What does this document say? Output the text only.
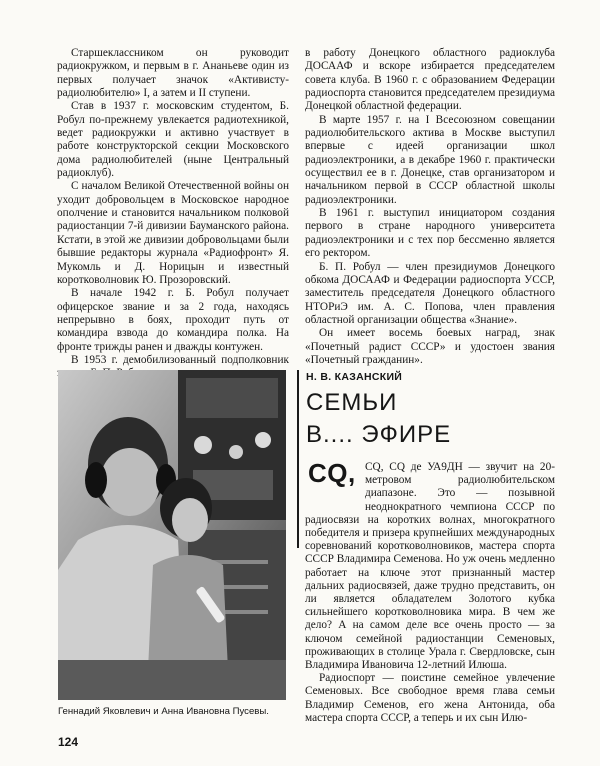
Старшеклассником он руководит радиокружком, и первым в г. Ананьеве один из первых получает значок «Активисту-радиолюбителю» I, а затем и II ступени.

Став в 1937 г. московским студентом, Б. Робул по-прежнему увлекается радиотехникой, ведет радиокружки и активно участвует в работе конструкторской секции Московского дома радиолюбителей (ныне Центральный радиоклуб).

С началом Великой Отечественной войны он уходит добровольцем в Московское народное ополчение и становится начальником полковой радиостанции 7-й дивизии Бауманского района. Кстати, в этой же дивизии добровольцами были бывшие редакторы журнала «Радиофронт» Я. Мукомль и Д. Норицын и известный коротковолновик Ю. Прозоровский.

В начале 1942 г. Б. Робул получает офицерское звание и за 2 года, находясь непрерывно в боях, проходит путь от командира взвода до командира полка. На фронте трижды ранен и дважды контужен.

В 1953 г. демобилизованный подполковник

в работу Донецкого областного радиоклуба ДОСААФ и вскоре избирается председателем совета клуба. В 1960 г. с образованием Федерации радиоспорта становится председателем президиума Донецкой областной федерации.

В марте 1957 г. на I Всесоюзном совещании радиолюбительского актива в Москве выступил впервые с идеей организации школ радиоэлектроники, а в декабре 1960 г. практически осуществил ее в г. Донецке, став организатором и начальником первой в СССР областной школы радиоэлектроники.

В 1961 г. выступил инициатором создания первого в стране народного университета радиоэлектроники и с тех пор бессменно является его ректором.

Б. П. Робул — член президиумов Донецкого обкома ДОСААФ и Федерации радиоспорта УССР, заместитель председателя Донецкого областного НТОРиЭ им. А. С. Попова, член правления областной организации общества «Знание».

Он имеет восемь боевых наград, знак «Почетный радист СССР» и удостоен звания «Почетный гражданин».

Геннадий Яковлевич и Анна Ивановна Пусевы.
124
Н. В. КАЗАНСКИЙ
СЕМЬИ
В.... ЭФИРЕ
CQ, CQ, CQ де УА9ДН — звучит на 20-метровом радиолюбительском диапазоне. Это — позывной неоднократного чемпиона СССР по радиосвязи на коротких волнах, многократного победителя и призера крупнейших международных соревнований коротковолновиков, мастера спорта СССР Владимира Семенова. Но уж очень медленно работает на ключе этот признанный мастер дальних радиосвязей, даже трудно представить, он ли является обладателем Золотого кубка сильнейшего коротковолновика мира. В чем же дело? А на самом деле все очень просто — за ключом семейной радиостанции Семеновых, проживающих в столице Урала г. Свердловске, сын Владимира Ивановича 12-летний Илюша.

Радиоспорт — поистине семейное увлечение Семеновых. Все свободное время глава семьи Владимир Семенов, его жена Антонида, оба мастера спорта СССР, а теперь и их сын Илю-
